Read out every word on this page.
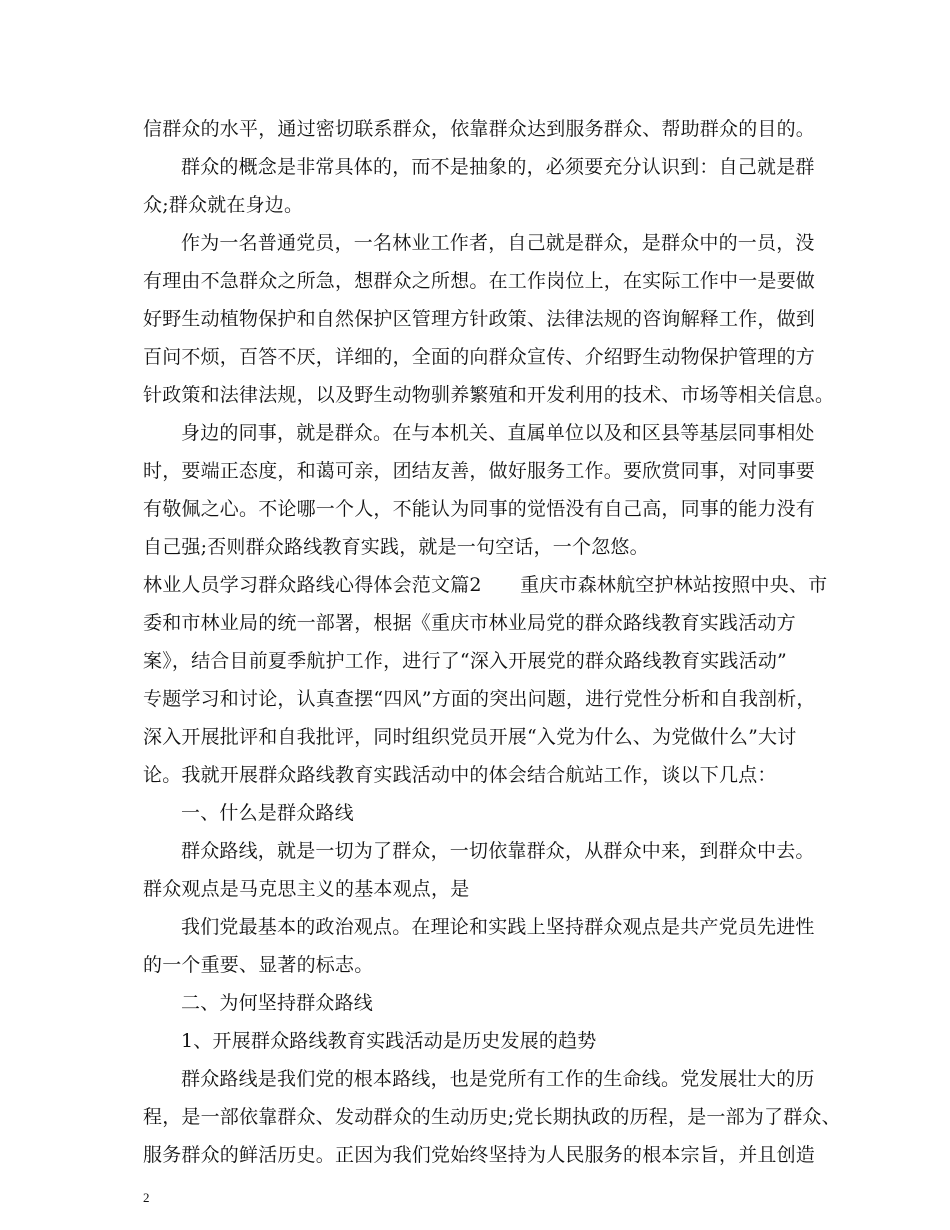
信群众的水平，通过密切联系群众，依靠群众达到服务群众、帮助群众的目的。
群众的概念是非常具体的，而不是抽象的，必须要充分认识到：自己就是群
众;群众就在身边。
作为一名普通党员，一名林业工作者，自己就是群众，是群众中的一员，没
有理由不急群众之所急，想群众之所想。在工作岗位上，在实际工作中一是要做
好野生动植物保护和自然保护区管理方针政策、法律法规的咨询解释工作，做到
百问不烦，百答不厌，详细的，全面的向群众宣传、介绍野生动物保护管理的方
针政策和法律法规，以及野生动物驯养繁殖和开发利用的技术、市场等相关信息。
身边的同事，就是群众。在与本机关、直属单位以及和区县等基层同事相处
时，要端正态度，和蔼可亲，团结友善，做好服务工作。要欣赏同事，对同事要
有敬佩之心。不论哪一个人，不能认为同事的觉悟没有自己高，同事的能力没有
自己强;否则群众路线教育实践，就是一句空话，一个忽悠。
林业人员学习群众路线心得体会范文篇2　　重庆市森林航空护林站按照中央、市
委和市林业局的统一部署，根据《重庆市林业局党的群众路线教育实践活动方
案》，结合目前夏季航护工作，进行了“深入开展党的群众路线教育实践活动”
专题学习和讨论，认真查摆“四风”方面的突出问题，进行党性分析和自我剖析，
深入开展批评和自我批评，同时组织党员开展“入党为什么、为党做什么”大讨
论。我就开展群众路线教育实践活动中的体会结合航站工作，谈以下几点：
一、什么是群众路线
群众路线，就是一切为了群众，一切依靠群众，从群众中来，到群众中去。
群众观点是马克思主义的基本观点，是
我们党最基本的政治观点。在理论和实践上坚持群众观点是共产党员先进性
的一个重要、显著的标志。
二、为何坚持群众路线
1、开展群众路线教育实践活动是历史发展的趋势
群众路线是我们党的根本路线，也是党所有工作的生命线。党发展壮大的历
程，是一部依靠群众、发动群众的生动历史;党长期执政的历程，是一部为了群众、
服务群众的鲜活历史。正因为我们党始终坚持为人民服务的根本宗旨，并且创造
2
